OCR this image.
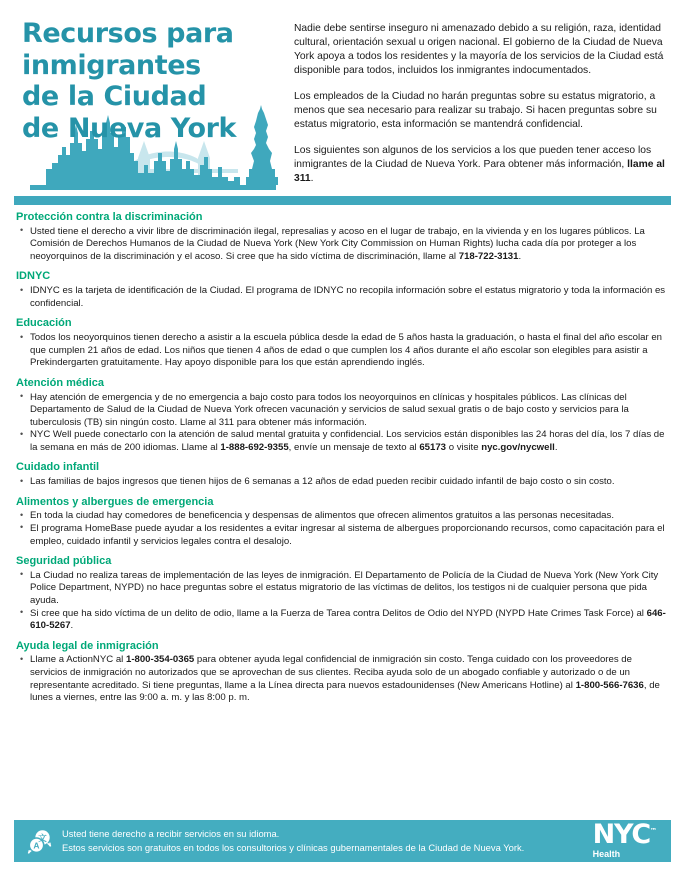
Recursos para
inmigrantes
de la Ciudad
de Nueva York

Nadie debe sentirse inseguro ni amenazado debido a su religión, raza, identidad cultural, orientación sexual u origen nacional. El gobierno de la Ciudad de Nueva York apoya a todos los residentes y la mayoría de los servicios de la Ciudad está disponible para todos, incluidos los inmigrantes indocumentados.

Los empleados de la Ciudad no harán preguntas sobre su estatus migratorio, a menos que sea necesario para realizar su trabajo. Si hacen preguntas sobre su estatus migratorio, esta información se mantendrá confidencial.

Los siguientes son algunos de los servicios a los que pueden tener acceso los inmigrantes de la Ciudad de Nueva York. Para obtener más información, llame al 311.

Protección contra la discriminación
• Usted tiene el derecho a vivir libre de discriminación ilegal, represalias y acoso en el lugar de trabajo, en la vivienda y en los lugares públicos. La Comisión de Derechos Humanos de la Ciudad de Nueva York (New York City Commission on Human Rights) lucha cada día por proteger a los neoyorquinos de la discriminación y el acoso. Si cree que ha sido víctima de discriminación, llame al 718-722-3131.
IDNYC
• IDNYC es la tarjeta de identificación de la Ciudad. El programa de IDNYC no recopila información sobre el estatus migratorio y toda la información es confidencial.
Educación
• Todos los neoyorquinos tienen derecho a asistir a la escuela pública desde la edad de 5 años hasta la graduación, o hasta el final del año escolar en que cumplen 21 años de edad. Los niños que tienen 4 años de edad o que cumplen los 4 años durante el año escolar son elegibles para asistir a Prekindergarten gratuitamente. Hay apoyo disponible para los que están aprendiendo inglés.
Atención médica
• Hay atención de emergencia y de no emergencia a bajo costo para todos los neoyorquinos en clínicas y hospitales públicos. Las clínicas del Departamento de Salud de la Ciudad de Nueva York ofrecen vacunación y servicios de salud sexual gratis o de bajo costo y servicios para la tuberculosis (TB) sin ningún costo. Llame al 311 para obtener más información.
• NYC Well puede conectarlo con la atención de salud mental gratuita y confidencial. Los servicios están disponibles las 24 horas del día, los 7 días de la semana en más de 200 idiomas. Llame al 1-888-692-9355, envíe un mensaje de texto al 65173 o visite nyc.gov/nycwell.
Cuidado infantil
• Las familias de bajos ingresos que tienen hijos de 6 semanas a 12 años de edad pueden recibir cuidado infantil de bajo costo o sin costo.
Alimentos y albergues de emergencia
• En toda la ciudad hay comedores de beneficencia y despensas de alimentos que ofrecen alimentos gratuitos a las personas necesitadas.
• El programa HomeBase puede ayudar a los residentes a evitar ingresar al sistema de albergues proporcionando recursos, como capacitación para el empleo, cuidado infantil y servicios legales contra el desalojo.
Seguridad pública
• La Ciudad no realiza tareas de implementación de las leyes de inmigración. El Departamento de Policía de la Ciudad de Nueva York (New York City Police Department, NYPD) no hace preguntas sobre el estatus migratorio de las víctimas de delitos, los testigos ni de cualquier persona que pida ayuda.
• Si cree que ha sido víctima de un delito de odio, llame a la Fuerza de Tarea contra Delitos de Odio del NYPD (NYPD Hate Crimes Task Force) al 646-610-5267.
Ayuda legal de inmigración
• Llame a ActionNYC al 1-800-354-0365 para obtener ayuda legal confidencial de inmigración sin costo. Tenga cuidado con los proveedores de servicios de inmigración no autorizados que se aprovechan de sus clientes. Reciba ayuda solo de un abogado confiable y autorizado o de un representante acreditado. Si tiene preguntas, llame a la Línea directa para nuevos estadounidenses (New Americans Hotline) al 1-800-566-7636, de lunes a viernes, entre las 9:00 a. m. y las 8:00 p. m.
文
A
Usted tiene derecho a recibir servicios en su idioma.
Estos servicios son gratuitos en todos los consultorios y clínicas gubernamentales de la Ciudad de Nueva York.	NYC™
Health
